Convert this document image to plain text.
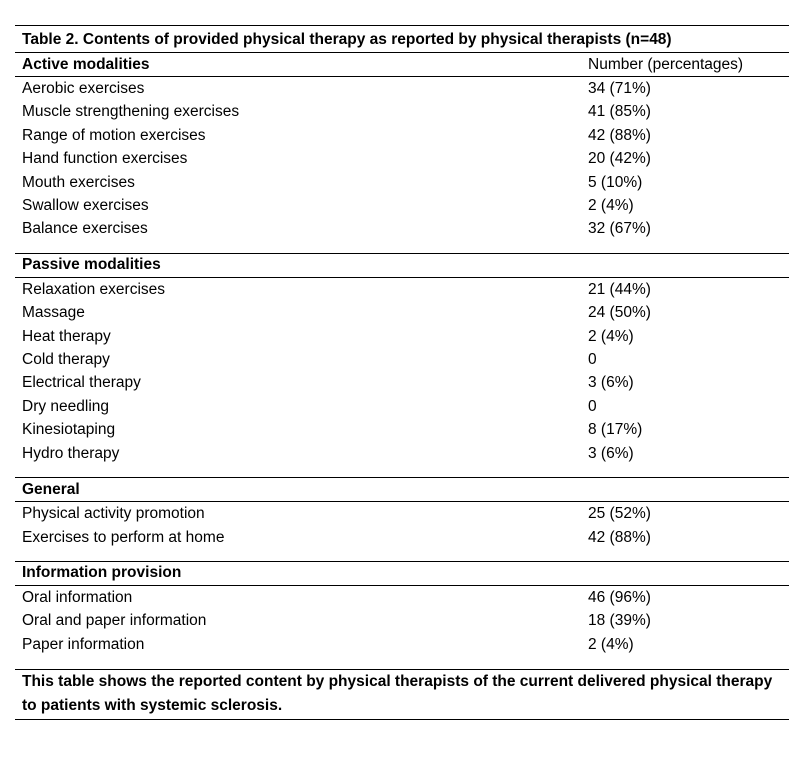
Table 2. Contents of provided physical therapy as reported by physical therapists (n=48)
Active modalities	Number (percentages)
Aerobic exercises	34 (71%)
Muscle strengthening exercises	41 (85%)
Range of motion exercises	42 (88%)
Hand function exercises	20 (42%)
Mouth exercises	5 (10%)
Swallow exercises	2 (4%)
Balance exercises	32 (67%)
Passive modalities
Relaxation exercises	21 (44%)
Massage	24 (50%)
Heat therapy	2 (4%)
Cold therapy	0
Electrical therapy	3 (6%)
Dry needling	0
Kinesiotaping	8 (17%)
Hydro therapy	3 (6%)
General
Physical activity promotion	25 (52%)
Exercises to perform at home	42 (88%)
Information provision
Oral information	46 (96%)
Oral and paper information	18 (39%)
Paper information	2 (4%)
This table shows the reported content by physical therapists of the current delivered physical therapy to patients with systemic sclerosis.
